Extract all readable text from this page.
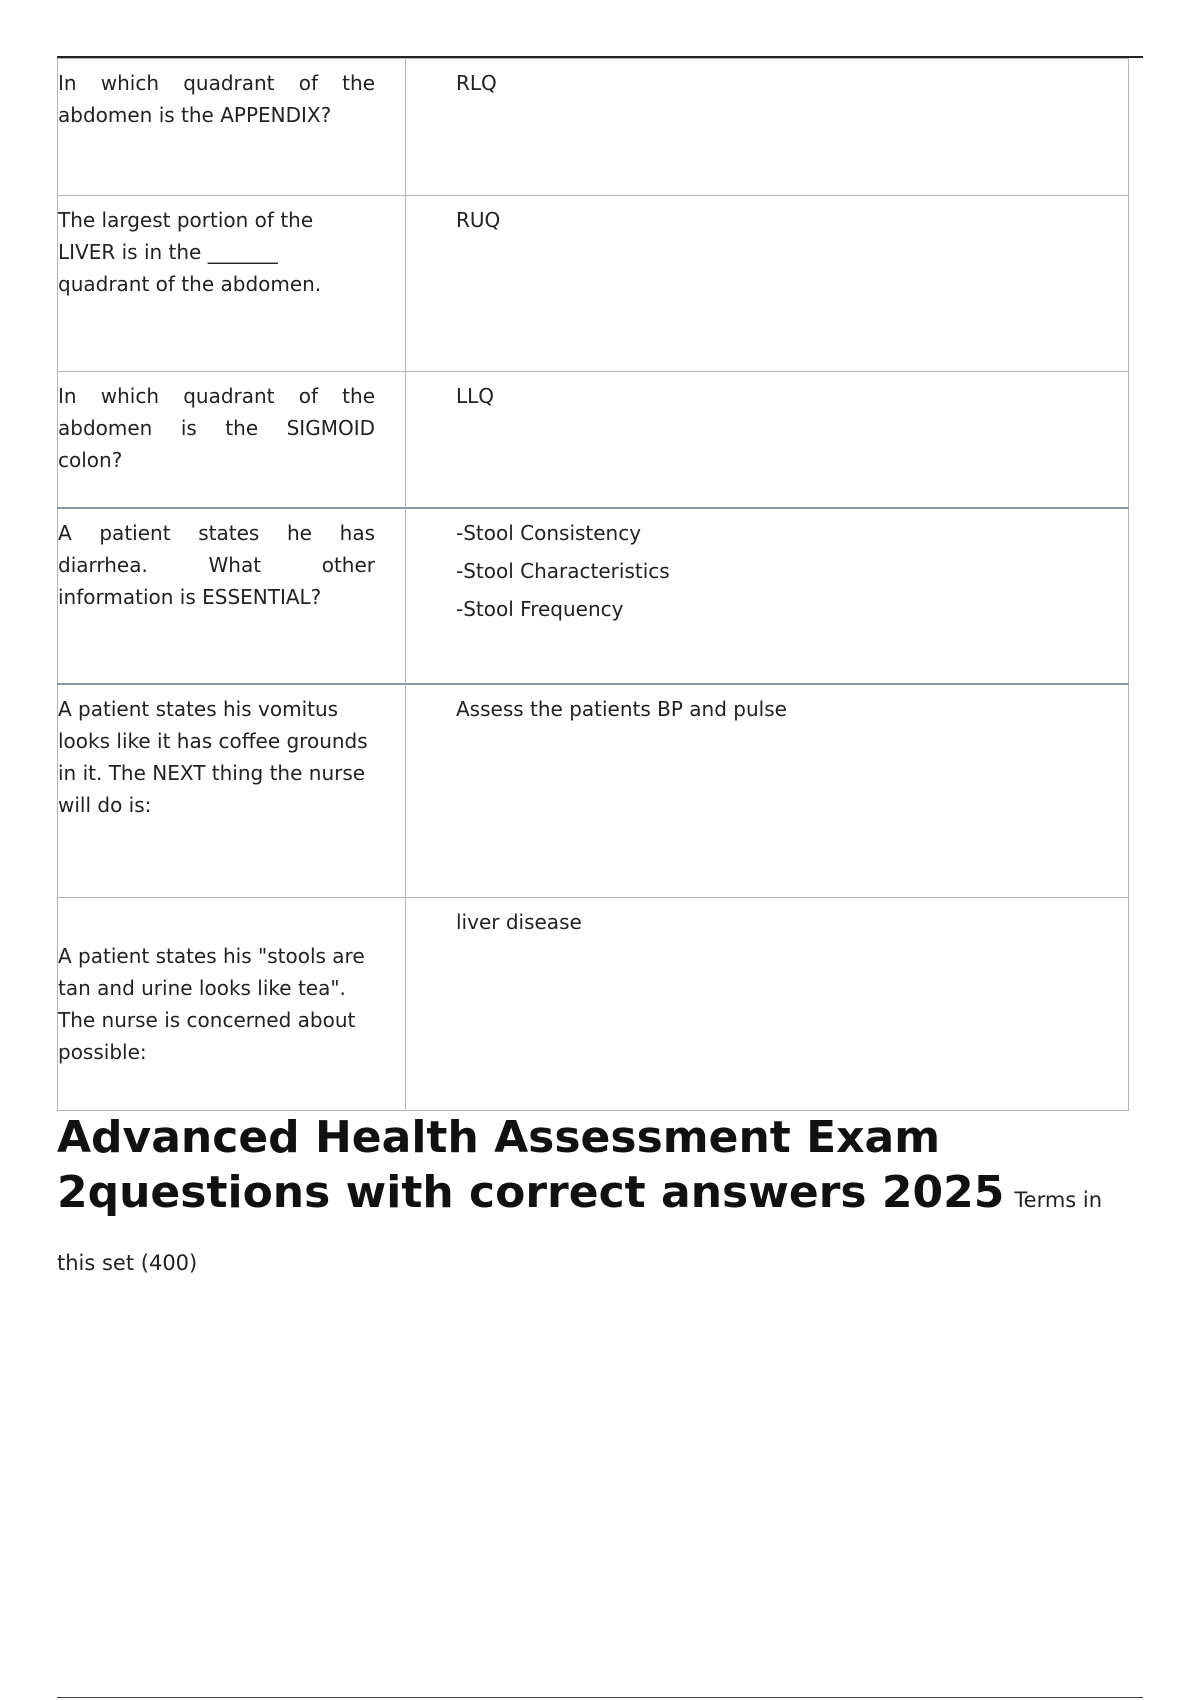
In which quadrant of the abdomen is the APPENDIX?	RLQ

The largest portion of the LIVER is in the _______ quadrant of the abdomen.	RUQ

In which quadrant of the abdomen is the SIGMOID colon?	LLQ

A patient states he has diarrhea. What other information is ESSENTIAL?	-Stool Consistency
-Stool Characteristics
-Stool Frequency

A patient states his vomitus looks like it has coffee grounds in it. The NEXT thing the nurse will do is:	Assess the patients BP and pulse

A patient states his "stools are tan and urine looks like tea". The nurse is concerned about possible:	liver disease
Advanced Health Assessment Exam 2questions with correct answers 2025 Terms in this set (400)
